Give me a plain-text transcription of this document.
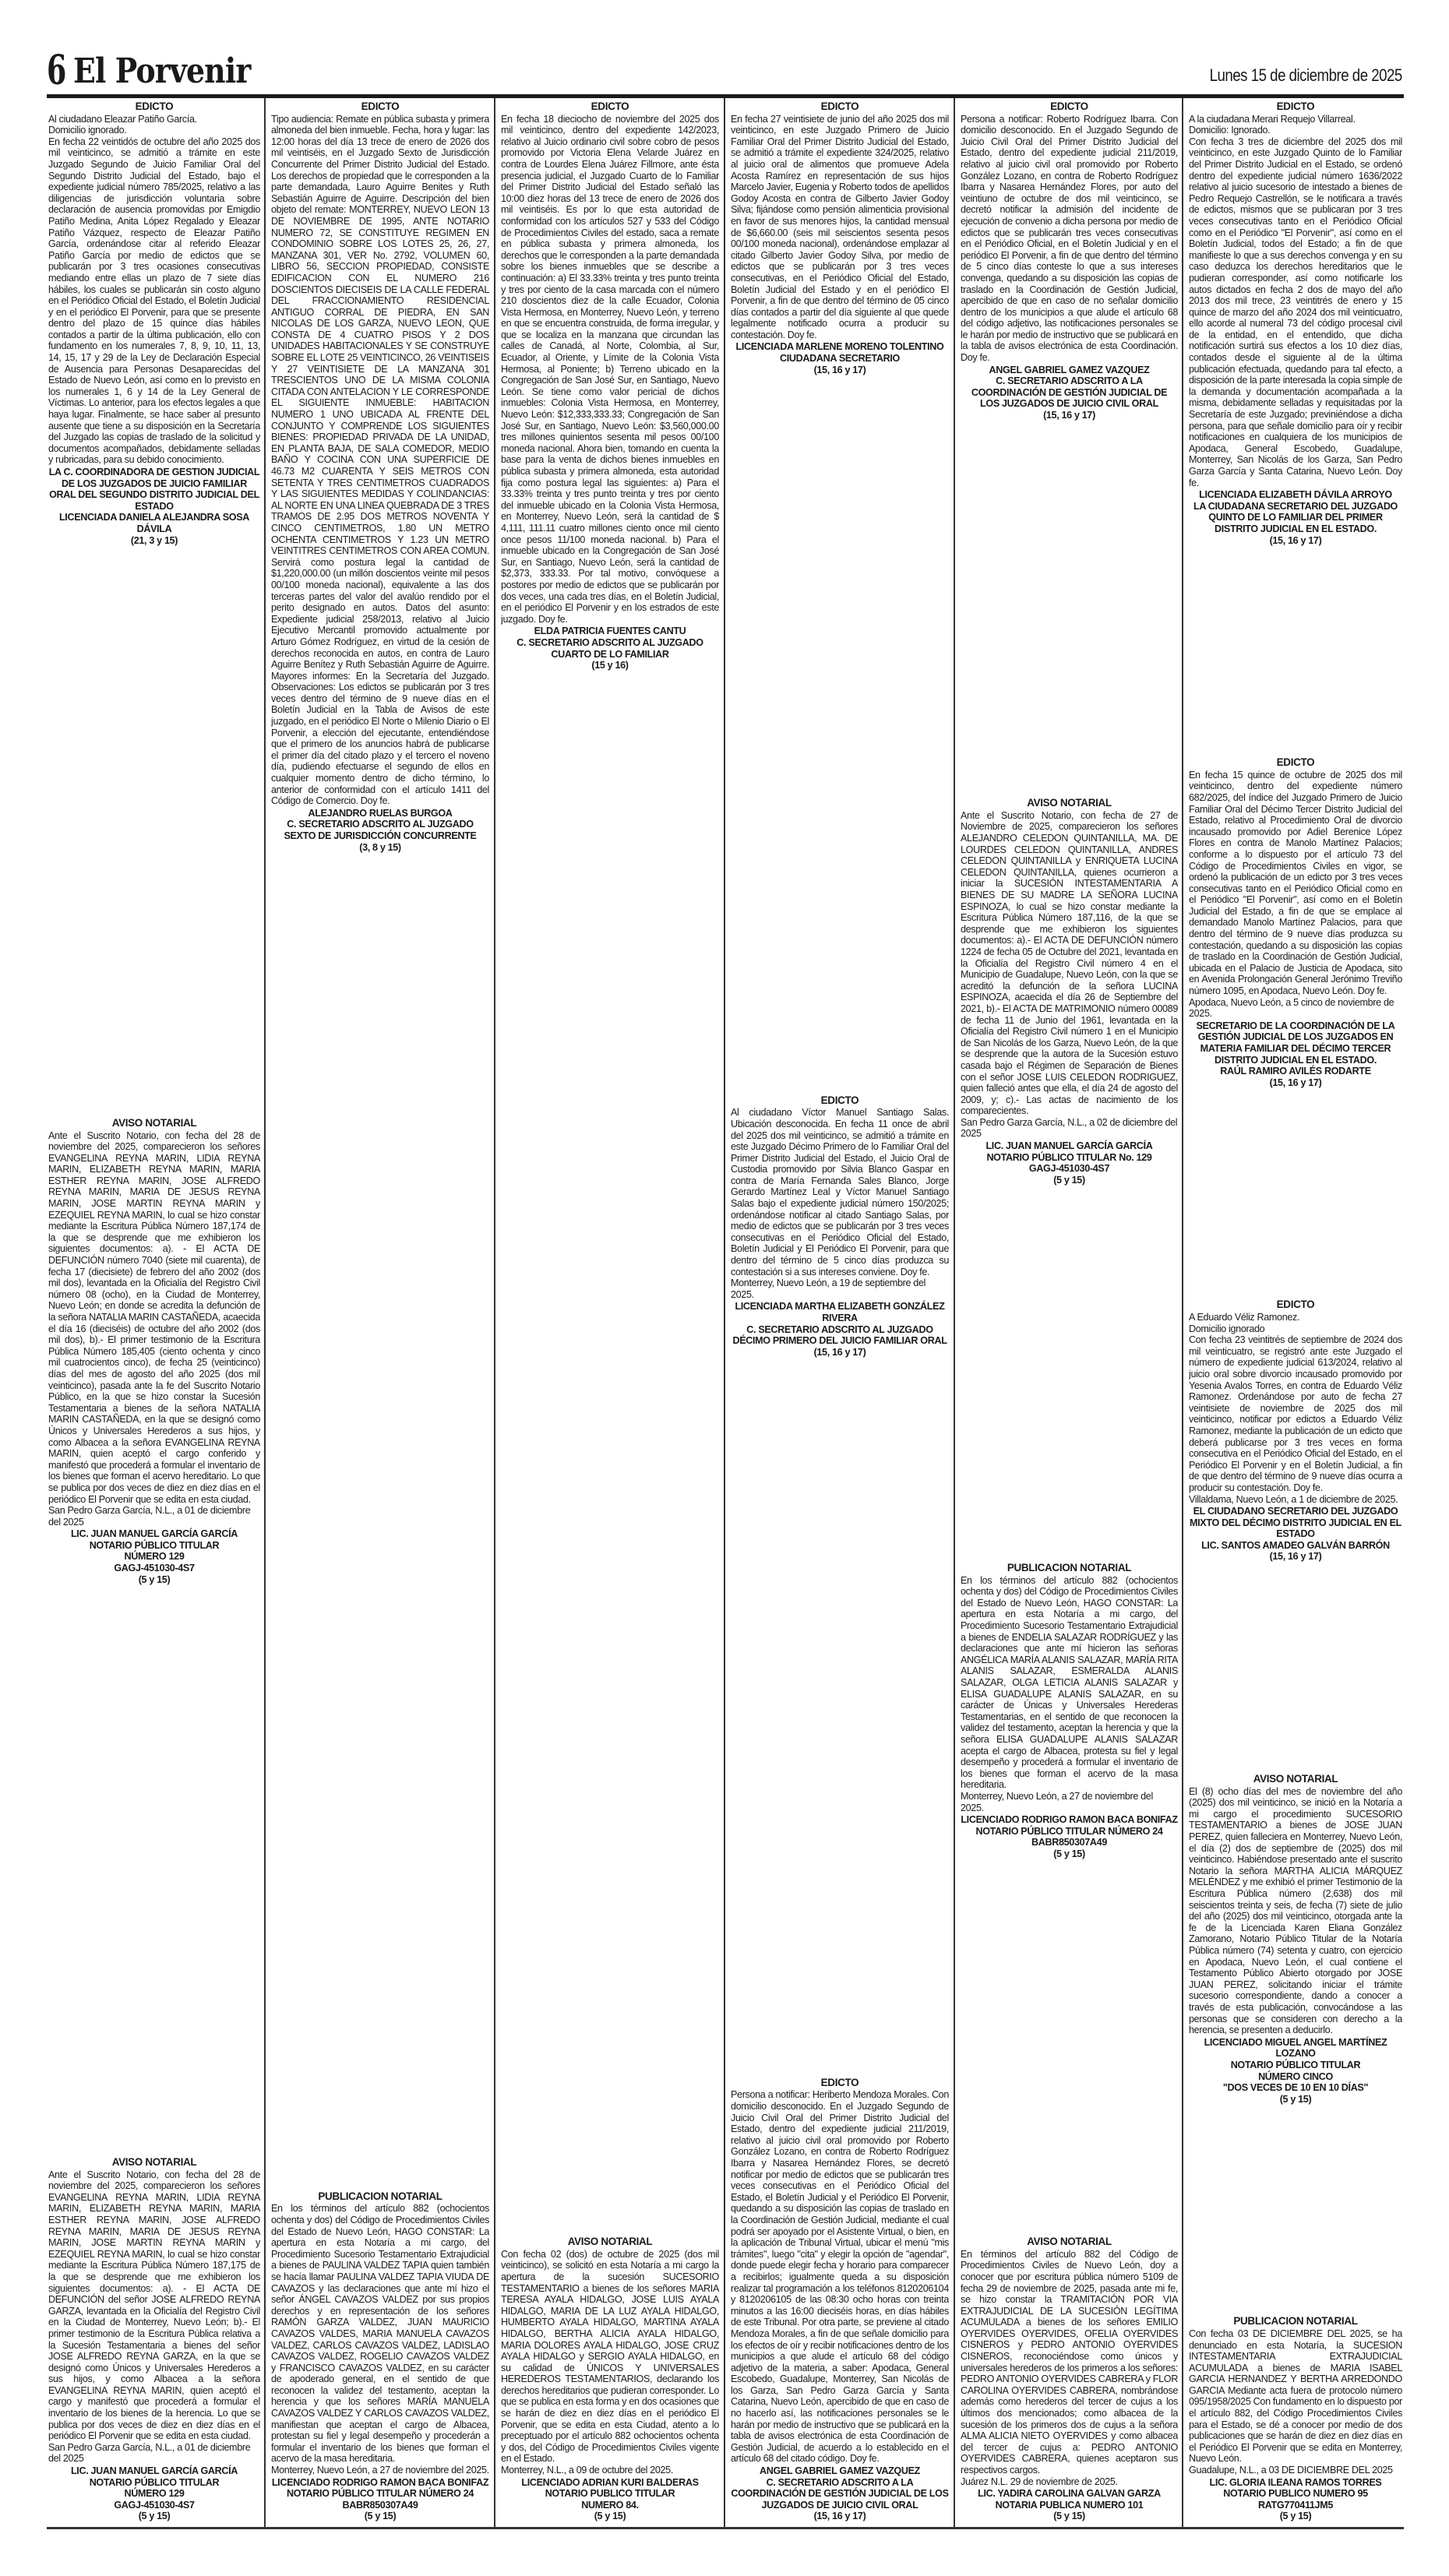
6 El Porvenir	Lunes 15 de diciembre de 2025
EDICTO

Al ciudadano Eleazar Patiño García.

Domicilio ignorado.

En fecha 22 veintidós de octubre del año 2025 dos mil veinticinco, se admitió a trámite en este Juzgado Segundo de Juicio Familiar Oral del Segundo Distrito Judicial del Estado, bajo el expediente judicial número 785/2025, relativo a las diligencias de jurisdicción voluntaria sobre declaración de ausencia promovidas por Emigdio Patiño Medina, Anita López Regalado y Eleazar Patiño Vázquez, respecto de Eleazar Patiño García, ordenándose citar al referido Eleazar Patiño García por medio de edictos que se publicarán por 3 tres ocasiones consecutivas mediando entre ellas un plazo de 7 siete días hábiles, los cuales se publicarán sin costo alguno en el Periódico Oficial del Estado, el Boletín Judicial y en el periódico El Porvenir, para que se presente dentro del plazo de 15 quince días hábiles contados a partir de la última publicación, ello con fundamento en los numerales 7, 8, 9, 10, 11, 13, 14, 15, 17 y 29 de la Ley de Declaración Especial de Ausencia para Personas Desaparecidas del Estado de Nuevo León, así como en lo previsto en los numerales 1, 6 y 14 de la Ley General de Víctimas. Lo anterior, para los efectos legales a que haya lugar. Finalmente, se hace saber al presunto ausente que tiene a su disposición en la Secretaría del Juzgado las copias de traslado de la solicitud y documentos acompañados, debidamente selladas y rubricadas, para su debido conocimiento.

LA C. COORDINADORA DE GESTION JUDICIAL DE LOS JUZGADOS DE JUICIO FAMILIAR ORAL DEL SEGUNDO DISTRITO JUDICIAL DEL ESTADO
LICENCIADA DANIELA ALEJANDRA SOSA DÁVILA
(21, 3 y 15)
AVISO NOTARIAL

Ante el Suscrito Notario, con fecha del 28 de noviembre del 2025, comparecieron los señores EVANGELINA REYNA MARIN, LIDIA REYNA MARIN, ELIZABETH REYNA MARIN, MARIA ESTHER REYNA MARIN, JOSE ALFREDO REYNA MARIN, MARIA DE JESUS REYNA MARIN, JOSE MARTIN REYNA MARIN y EZEQUIEL REYNA MARIN, lo cual se hizo constar mediante la Escritura Pública Número 187,174 de la que se desprende que me exhibieron los siguientes documentos: a). - El ACTA DE DEFUNCIÓN número 7040 (siete mil cuarenta), de fecha 17 (diecisiete) de febrero del año 2002 (dos mil dos), levantada en la Oficialía del Registro Civil número 08 (ocho), en la Ciudad de Monterrey, Nuevo León; en donde se acredita la defunción de la señora NATALIA MARIN CASTAÑEDA, acaecida el día 16 (dieciséis) de octubre del año 2002 (dos mil dos), b).- El primer testimonio de la Escritura Pública Número 185,405 (ciento ochenta y cinco mil cuatrocientos cinco), de fecha 25 (veinticinco) días del mes de agosto del año 2025 (dos mil veinticinco), pasada ante la fe del Suscrito Notario Público, en la que se hizo constar la Sucesión Testamentaria a bienes de la señora NATALIA MARIN CASTAÑEDA, en la que se designó como Únicos y Universales Herederos a sus hijos, y como Albacea a la señora EVANGELINA REYNA MARIN, quien aceptó el cargo conferido y manifestó que procederá a formular el inventario de los bienes que forman el acervo hereditario. Lo que se publica por dos veces de diez en diez días en el periódico El Porvenir que se edita en esta ciudad.

San Pedro Garza García, N.L., a 01 de diciembre del 2025

LIC. JUAN MANUEL GARCÍA GARCÍA
NOTARIO PÚBLICO TITULAR
NÚMERO 129
GAGJ-451030-4S7
(5 y 15)
AVISO NOTARIAL

Ante el Suscrito Notario, con fecha del 28 de noviembre del 2025, comparecieron los señores EVANGELINA REYNA MARIN, LIDIA REYNA MARIN, ELIZABETH REYNA MARIN, MARIA ESTHER REYNA MARIN, JOSE ALFREDO REYNA MARIN, MARIA DE JESUS REYNA MARIN, JOSE MARTIN REYNA MARIN y EZEQUIEL REYNA MARIN, lo cual se hizo constar mediante la Escritura Pública Número 187,175 de la que se desprende que me exhibieron los siguientes documentos: a). - El ACTA DE DEFUNCIÓN del señor JOSE ALFREDO REYNA GARZA, levantada en la Oficialía del Registro Civil en la Ciudad de Monterrey, Nuevo León; b).- El primer testimonio de la Escritura Pública relativa a la Sucesión Testamentaria a bienes del señor JOSE ALFREDO REYNA GARZA, en la que se designó como Únicos y Universales Herederos a sus hijos, y como Albacea a la señora EVANGELINA REYNA MARIN, quien aceptó el cargo y manifestó que procederá a formular el inventario de los bienes de la herencia. Lo que se publica por dos veces de diez en diez días en el periódico El Porvenir que se edita en esta ciudad.

San Pedro Garza García, N.L., a 01 de diciembre del 2025

LIC. JUAN MANUEL GARCÍA GARCÍA
NOTARIO PÚBLICO TITULAR
NÚMERO 129
GAGJ-451030-4S7
(5 y 15)
EDICTO

Tipo audiencia: Remate en pública subasta y primera almoneda del bien inmueble. Fecha, hora y lugar: las 12:00 horas del día 13 trece de enero de 2026 dos mil veintiséis, en el Juzgado Sexto de Jurisdicción Concurrente del Primer Distrito Judicial del Estado. Los derechos de propiedad que le corresponden a la parte demandada, Lauro Aguirre Benites y Ruth Sebastián Aguirre de Aguirre. Descripción del bien objeto del remate: MONTERREY, NUEVO LEON 13 DE NOVIEMBRE DE 1995, ANTE NOTARIO NUMERO 72, SE CONSTITUYE REGIMEN EN CONDOMINIO SOBRE LOS LOTES 25, 26, 27, MANZANA 301, VER No. 2792, VOLUMEN 60, LIBRO 56, SECCION PROPIEDAD, CONSISTE EDIFICACION CON EL NUMERO 216 DOSCIENTOS DIECISEIS DE LA CALLE FEDERAL DEL FRACCIONAMIENTO RESIDENCIAL ANTIGUO CORRAL DE PIEDRA, EN SAN NICOLAS DE LOS GARZA, NUEVO LEON, QUE CONSTA DE 4 CUATRO PISOS Y 2 DOS UNIDADES HABITACIONALES Y SE CONSTRUYE SOBRE EL LOTE 25 VEINTICINCO, 26 VEINTISEIS Y 27 VEINTISIETE DE LA MANZANA 301 TRESCIENTOS UNO DE LA MISMA COLONIA CITADA CON ANTELACION Y LE CORRESPONDE EL SIGUIENTE INMUEBLE: HABITACION NUMERO 1 UNO UBICADA AL FRENTE DEL CONJUNTO Y COMPRENDE LOS SIGUIENTES BIENES: PROPIEDAD PRIVADA DE LA UNIDAD, EN PLANTA BAJA, DE SALA COMEDOR, MEDIO BAÑO Y COCINA CON UNA SUPERFICIE DE 46.73 M2 CUARENTA Y SEIS METROS CON SETENTA Y TRES CENTIMETROS CUADRADOS Y LAS SIGUIENTES MEDIDAS Y COLINDANCIAS: AL NORTE EN UNA LINEA QUEBRADA DE 3 TRES TRAMOS DE 2.95 DOS METROS NOVENTA Y CINCO CENTIMETROS, 1.80 UN METRO OCHENTA CENTIMETROS Y 1.23 UN METRO VEINTITRES CENTIMETROS CON AREA COMUN. Servirá como postura legal la cantidad de $1,220,000.00 (un millón doscientos veinte mil pesos 00/100 moneda nacional), equivalente a las dos terceras partes del valor del avalúo rendido por el perito designado en autos. Datos del asunto: Expediente judicial 258/2013, relativo al Juicio Ejecutivo Mercantil promovido actualmente por Arturo Gómez Rodríguez, en virtud de la cesión de derechos reconocida en autos, en contra de Lauro Aguirre Benítez y Ruth Sebastián Aguirre de Aguirre. Mayores informes: En la Secretaría del Juzgado. Observaciones: Los edictos se publicarán por 3 tres veces dentro del término de 9 nueve días en el Boletín Judicial en la Tabla de Avisos de este juzgado, en el periódico El Norte o Milenio Diario o El Porvenir, a elección del ejecutante, entendiéndose que el primero de los anuncios habrá de publicarse el primer día del citado plazo y el tercero el noveno día, pudiendo efectuarse el segundo de ellos en cualquier momento dentro de dicho término, lo anterior de conformidad con el artículo 1411 del Código de Comercio. Doy fe.

ALEJANDRO RUELAS BURGOA
C. SECRETARIO ADSCRITO AL JUZGADO SEXTO DE JURISDICCIÓN CONCURRENTE
(3, 8 y 15)
PUBLICACION NOTARIAL

En los términos del artículo 882 (ochocientos ochenta y dos) del Código de Procedimientos Civiles del Estado de Nuevo León, HAGO CONSTAR: La apertura en esta Notaría a mi cargo, del Procedimiento Sucesorio Testamentario Extrajudicial a bienes de PAULINA VALDEZ TAPIA quien también se hacía llamar PAULINA VALDEZ TAPIA VIUDA DE CAVAZOS y las declaraciones que ante mí hizo el señor ÁNGEL CAVAZOS VALDEZ por sus propios derechos y en representación de los señores RAMÓN GARZA VALDEZ, JUAN MAURICIO CAVAZOS VALDES, MARIA MANUELA CAVAZOS VALDEZ, CARLOS CAVAZOS VALDEZ, LADISLAO CAVAZOS VALDEZ, ROGELIO CAVAZOS VALDEZ y FRANCISCO CAVAZOS VALDEZ, en su carácter de apoderado general, en el sentido de que reconocen la validez del testamento, aceptan la herencia y que los señores MARÍA MANUELA CAVAZOS VALDEZ Y CARLOS CAVAZOS VALDEZ, manifiestan que aceptan el cargo de Albacea, protestan su fiel y legal desempeño y procederán a formular el inventario de los bienes que forman el acervo de la masa hereditaria.

Monterrey, Nuevo León, a 27 de noviembre del 2025.

LICENCIADO RODRIGO RAMON BACA BONIFAZ
NOTARIO PÚBLICO TITULAR NÚMERO 24
BABR850307A49
(5 y 15)
EDICTO

En fecha 18 dieciocho de noviembre del 2025 dos mil veinticinco, dentro del expediente 142/2023, relativo al Juicio ordinario civil sobre cobro de pesos promovido por Victoria Elena Velarde Juárez en contra de Lourdes Elena Juárez Fillmore, ante ésta presencia judicial, el Juzgado Cuarto de lo Familiar del Primer Distrito Judicial del Estado señaló las 10:00 diez horas del 13 trece de enero de 2026 dos mil veintiséis. Es por lo que esta autoridad de conformidad con los artículos 527 y 533 del Código de Procedimientos Civiles del estado, saca a remate en pública subasta y primera almoneda, los derechos que le corresponden a la parte demandada sobre los bienes inmuebles que se describe a continuación: a) El 33.33% treinta y tres punto treinta y tres por ciento de la casa marcada con el número 210 doscientos diez de la calle Ecuador, Colonia Vista Hermosa, en Monterrey, Nuevo León, y terreno en que se encuentra construida, de forma irregular, y que se localiza en la manzana que circundan las calles de Canadá, al Norte, Colombia, al Sur, Ecuador, al Oriente, y Límite de la Colonia Vista Hermosa, al Poniente; b) Terreno ubicado en la Congregación de San José Sur, en Santiago, Nuevo León. Se tiene como valor pericial de dichos inmuebles: Colonia Vista Hermosa, en Monterrey, Nuevo León: $12,333,333.33; Congregación de San José Sur, en Santiago, Nuevo León: $3,560,000.00 tres millones quinientos sesenta mil pesos 00/100 moneda nacional. Ahora bien, tomando en cuenta la base para la venta de dichos bienes inmuebles en pública subasta y primera almoneda, esta autoridad fija como postura legal las siguientes: a) Para el 33.33% treinta y tres punto treinta y tres por ciento del inmueble ubicado en la Colonia Vista Hermosa, en Monterrey, Nuevo León, será la cantidad de $ 4,111, 111.11 cuatro millones ciento once mil ciento once pesos 11/100 moneda nacional. b) Para el inmueble ubicado en la Congregación de San José Sur, en Santiago, Nuevo León, será la cantidad de $2,373, 333.33. Por tal motivo, convóquese a postores por medio de edictos que se publicarán por dos veces, una cada tres días, en el Boletín Judicial, en el periódico El Porvenir y en los estrados de este juzgado. Doy fe.

ELDA PATRICIA FUENTES CANTU
C. SECRETARIO ADSCRITO AL JUZGADO CUARTO DE LO FAMILIAR
(15 y 16)
AVISO NOTARIAL

Con fecha 02 (dos) de octubre de 2025 (dos mil veinticinco), se solicitó en esta Notaría a mi cargo la apertura de la sucesión SUCESORIO TESTAMENTARIO a bienes de los señores MARIA TERESA AYALA HIDALGO, JOSE LUIS AYALA HIDALGO, MARIA DE LA LUZ AYALA HIDALGO, HUMBERTO AYALA HIDALGO, MARTINA AYALA HIDALGO, BERTHA ALICIA AYALA HIDALGO, MARIA DOLORES AYALA HIDALGO, JOSE CRUZ AYALA HIDALGO y SERGIO AYALA HIDALGO, en su calidad de ÚNICOS Y UNIVERSALES HEREDEROS TESTAMENTARIOS, declarando los derechos hereditarios que pudieran corresponder. Lo que se publica en esta forma y en dos ocasiones que se harán de diez en diez días en el periódico El Porvenir, que se edita en esta Ciudad, atento a lo preceptuado por el artículo 882 ochocientos ochenta y dos, del Código de Procedimientos Civiles vigente en el Estado.

Monterrey, N.L., a 09 de octubre del 2025.

LICENCIADO ADRIAN KURI BALDERAS
NOTARIO PUBLICO TITULAR
NUMERO 84.
(5 y 15)
EDICTO

En fecha 27 veintisiete de junio del año 2025 dos mil veinticinco, en este Juzgado Primero de Juicio Familiar Oral del Primer Distrito Judicial del Estado, se admitió a trámite el expediente 324/2025, relativo al juicio oral de alimentos que promueve Adela Acosta Ramírez en representación de sus hijos Marcelo Javier, Eugenia y Roberto todos de apellidos Godoy Acosta en contra de Gilberto Javier Godoy Silva; fijándose como pensión alimenticia provisional en favor de sus menores hijos, la cantidad mensual de $6,660.00 (seis mil seiscientos sesenta pesos 00/100 moneda nacional), ordenándose emplazar al citado Gilberto Javier Godoy Silva, por medio de edictos que se publicarán por 3 tres veces consecutivas, en el Periódico Oficial del Estado, Boletín Judicial del Estado y en el periódico El Porvenir, a fin de que dentro del término de 05 cinco días contados a partir del día siguiente al que quede legalmente notificado ocurra a producir su contestación. Doy fe.

LICENCIADA MARLENE MORENO TOLENTINO
CIUDADANA SECRETARIO
(15, 16 y 17)
EDICTO

Al ciudadano Víctor Manuel Santiago Salas. Ubicación desconocida. En fecha 11 once de abril del 2025 dos mil veinticinco, se admitió a trámite en este Juzgado Décimo Primero de lo Familiar Oral del Primer Distrito Judicial del Estado, el Juicio Oral de Custodia promovido por Silvia Blanco Gaspar en contra de María Fernanda Sales Blanco, Jorge Gerardo Martínez Leal y Víctor Manuel Santiago Salas bajo el expediente judicial número 150/2025; ordenándose notificar al citado Santiago Salas, por medio de edictos que se publicarán por 3 tres veces consecutivas en el Periódico Oficial del Estado, Boletín Judicial y El Periódico El Porvenir, para que dentro del término de 5 cinco días produzca su contestación si a sus intereses conviene. Doy fe.

Monterrey, Nuevo León, a 19 de septiembre del 2025.

LICENCIADA MARTHA ELIZABETH GONZÁLEZ RIVERA
C. SECRETARIO ADSCRITO AL JUZGADO DÉCIMO PRIMERO DEL JUICIO FAMILIAR ORAL
(15, 16 y 17)
EDICTO

Persona a notificar: Heriberto Mendoza Morales. Con domicilio desconocido. En el Juzgado Segundo de Juicio Civil Oral del Primer Distrito Judicial del Estado, dentro del expediente judicial 211/2019, relativo al juicio civil oral promovido por Roberto González Lozano, en contra de Roberto Rodríguez Ibarra y Nasarea Hernández Flores, se decretó notificar por medio de edictos que se publicarán tres veces consecutivas en el Periódico Oficial del Estado, el Boletín Judicial y el Periódico El Porvenir, quedando a su disposición las copias de traslado en la Coordinación de Gestión Judicial, mediante el cual podrá ser apoyado por el Asistente Virtual, o bien, en la aplicación de Tribunal Virtual, ubicar el menú "mis trámites", luego "cita" y elegir la opción de "agendar", donde puede elegir fecha y horario para comparecer a recibirlos; igualmente queda a su disposición realizar tal programación a los teléfonos 8120206104 y 8120206105 de las 08:30 ocho horas con treinta minutos a las 16:00 dieciséis horas, en días hábiles de este Tribunal. Por otra parte, se previene al citado Mendoza Morales, a fin de que señale domicilio para los efectos de oír y recibir notificaciones dentro de los municipios a que alude el artículo 68 del código adjetivo de la materia, a saber: Apodaca, General Escobedo, Guadalupe, Monterrey, San Nicolás de los Garza, San Pedro Garza García y Santa Catarina, Nuevo León, apercibido de que en caso de no hacerlo así, las notificaciones personales se le harán por medio de instructivo que se publicará en la tabla de avisos electrónica de esta Coordinación de Gestión Judicial, de acuerdo a lo establecido en el artículo 68 del citado código. Doy fe.

ANGEL GABRIEL GAMEZ VAZQUEZ
C. SECRETARIO ADSCRITO A LA COORDINACIÓN DE GESTIÓN JUDICIAL DE LOS JUZGADOS DE JUICIO CIVIL ORAL
(15, 16 y 17)
EDICTO

Persona a notificar: Roberto Rodríguez Ibarra. Con domicilio desconocido. En el Juzgado Segundo de Juicio Civil Oral del Primer Distrito Judicial del Estado, dentro del expediente judicial 211/2019, relativo al juicio civil oral promovido por Roberto González Lozano, en contra de Roberto Rodríguez Ibarra y Nasarea Hernández Flores, por auto del veintiuno de octubre de dos mil veinticinco, se decretó notificar la admisión del incidente de ejecución de convenio a dicha persona por medio de edictos que se publicarán tres veces consecutivas en el Periódico Oficial, en el Boletín Judicial y en el periódico El Porvenir, a fin de que dentro del término de 5 cinco días conteste lo que a sus intereses convenga, quedando a su disposición las copias de traslado en la Coordinación de Gestión Judicial, apercibido de que en caso de no señalar domicilio dentro de los municipios a que alude el artículo 68 del código adjetivo, las notificaciones personales se le harán por medio de instructivo que se publicará en la tabla de avisos electrónica de esta Coordinación. Doy fe.

ANGEL GABRIEL GAMEZ VAZQUEZ
C. SECRETARIO ADSCRITO A LA COORDINACIÓN DE GESTIÓN JUDICIAL DE LOS JUZGADOS DE JUICIO CIVIL ORAL
(15, 16 y 17)
AVISO NOTARIAL

Ante el Suscrito Notario, con fecha de 27 de Noviembre de 2025, comparecieron los señores ALEJANDRO CELEDON QUINTANILLA, MA. DE LOURDES CELEDON QUINTANILLA, ANDRES CELEDON QUINTANILLA y ENRIQUETA LUCINA CELEDON QUINTANILLA, quienes ocurrieron a iniciar la SUCESIÓN INTESTAMENTARIA A BIENES DE SU MADRE LA SEÑORA LUCINA ESPINOZA, lo cual se hizo constar mediante la Escritura Pública Número 187,116, de la que se desprende que me exhibieron los siguientes documentos: a).- El ACTA DE DEFUNCIÓN número 1224 de fecha 05 de Octubre del 2021, levantada en la Oficialía del Registro Civil número 4 en el Municipio de Guadalupe, Nuevo León, con la que se acreditó la defunción de la señora LUCINA ESPINOZA, acaecida el día 26 de Septiembre del 2021, b).- El ACTA DE MATRIMONIO número 00089 de fecha 11 de Junio del 1961, levantada en la Oficialía del Registro Civil número 1 en el Municipio de San Nicolás de los Garza, Nuevo León, de la que se desprende que la autora de la Sucesión estuvo casada bajo el Régimen de Separación de Bienes con el señor JOSE LUIS CELEDON RODRIGUEZ, quien falleció antes que ella, el día 24 de agosto del 2009, y; c).- Las actas de nacimiento de los comparecientes.

San Pedro Garza García, N.L., a 02 de diciembre del 2025

LIC. JUAN MANUEL GARCÍA GARCÍA
NOTARIO PÚBLICO TITULAR No. 129
GAGJ-451030-4S7
(5 y 15)
PUBLICACION NOTARIAL

En los términos del artículo 882 (ochocientos ochenta y dos) del Código de Procedimientos Civiles del Estado de Nuevo León, HAGO CONSTAR: La apertura en esta Notaría a mi cargo, del Procedimiento Sucesorio Testamentario Extrajudicial a bienes de ENDELIA SALAZAR RODRÍGUEZ y las declaraciones que ante mí hicieron las señoras ANGÉLICA MARÍA ALANIS SALAZAR, MARÍA RITA ALANIS SALAZAR, ESMERALDA ALANIS SALAZAR, OLGA LETICIA ALANIS SALAZAR y ELISA GUADALUPE ALANIS SALAZAR, en su carácter de Únicas y Universales Herederas Testamentarias, en el sentido de que reconocen la validez del testamento, aceptan la herencia y que la señora ELISA GUADALUPE ALANIS SALAZAR acepta el cargo de Albacea, protesta su fiel y legal desempeño y procederá a formular el inventario de los bienes que forman el acervo de la masa hereditaria.

Monterrey, Nuevo León, a 27 de noviembre del 2025.

LICENCIADO RODRIGO RAMON BACA BONIFAZ
NOTARIO PÚBLICO TITULAR NÚMERO 24
BABR850307A49
(5 y 15)
AVISO NOTARIAL

En términos del artículo 882 del Código de Procedimientos Civiles de Nuevo León, doy a conocer que por escritura pública número 5109 de fecha 29 de noviembre de 2025, pasada ante mi fe, se hizo constar la TRAMITACIÓN POR VIA EXTRAJUDICIAL DE LA SUCESIÓN LEGÍTIMA ACUMULADA a bienes de los señores EMILIO OYERVIDES OYERVIDES, OFELIA OYERVIDES CISNEROS y PEDRO ANTONIO OYERVIDES CISNEROS, reconociéndose como únicos y universales herederos de los primeros a los señores: PEDRO ANTONIO OYERVIDES CABRERA y FLOR CAROLINA OYERVIDES CABRERA, nombrándose además como herederos del tercer de cujus a los últimos dos mencionados; como albacea de la sucesión de los primeros dos de cujus a la señora ALMA ALICIA NIETO OYERVIDES y como albacea del tercer de cujus a: PEDRO ANTONIO OYERVIDES CABRERA, quienes aceptaron sus respectivos cargos.

Juárez N.L. 29 de noviembre de 2025.

LIC. YADIRA CAROLINA GALVAN GARZA
NOTARIA PUBLICA NUMERO 101
(5 y 15)
EDICTO

A la ciudadana Merari Requejo Villarreal.

Domicilio: Ignorado.

Con fecha 3 tres de diciembre del 2025 dos mil veinticinco, en este Juzgado Quinto de lo Familiar del Primer Distrito Judicial en el Estado, se ordenó dentro del expediente judicial número 1636/2022 relativo al juicio sucesorio de intestado a bienes de Pedro Requejo Castrellón, se le notificara a través de edictos, mismos que se publicaran por 3 tres veces consecutivas tanto en el Periódico Oficial como en el Periódico "El Porvenir", así como en el Boletín Judicial, todos del Estado; a fin de que manifieste lo que a sus derechos convenga y en su caso deduzca los derechos hereditarios que le pudieran corresponder, así como notificarle los autos dictados en fecha 2 dos de mayo del año 2013 dos mil trece, 23 veintitrés de enero y 15 quince de marzo del año 2024 dos mil veinticuatro, ello acorde al numeral 73 del código procesal civil de la entidad, en el entendido, que dicha notificación surtirá sus efectos a los 10 diez días, contados desde el siguiente al de la última publicación efectuada, quedando para tal efecto, a disposición de la parte interesada la copia simple de la demanda y documentación acompañada a la misma, debidamente selladas y requisitadas por la Secretaría de este Juzgado; previniéndose a dicha persona, para que señale domicilio para oír y recibir notificaciones en cualquiera de los municipios de Apodaca, General Escobedo, Guadalupe, Monterrey, San Nicolás de los Garza, San Pedro Garza García y Santa Catarina, Nuevo León. Doy fe.

LICENCIADA ELIZABETH DÁVILA ARROYO
LA CIUDADANA SECRETARIO DEL JUZGADO QUINTO DE LO FAMILIAR DEL PRIMER DISTRITO JUDICIAL EN EL ESTADO.
(15, 16 y 17)
EDICTO

En fecha 15 quince de octubre de 2025 dos mil veinticinco, dentro del expediente número 682/2025, del índice del Juzgado Primero de Juicio Familiar Oral del Décimo Tercer Distrito Judicial del Estado, relativo al Procedimiento Oral de divorcio incausado promovido por Adiel Berenice López Flores en contra de Manolo Martínez Palacios; conforme a lo dispuesto por el artículo 73 del Código de Procedimientos Civiles en vigor, se ordenó la publicación de un edicto por 3 tres veces consecutivas tanto en el Periódico Oficial como en el Periódico "El Porvenir", así como en el Boletín Judicial del Estado, a fin de que se emplace al demandado Manolo Martínez Palacios, para que dentro del término de 9 nueve días produzca su contestación, quedando a su disposición las copias de traslado en la Coordinación de Gestión Judicial, ubicada en el Palacio de Justicia de Apodaca, sito en Avenida Prolongación General Jerónimo Treviño número 1095, en Apodaca, Nuevo León. Doy fe.

Apodaca, Nuevo León, a 5 cinco de noviembre de 2025.

SECRETARIO DE LA COORDINACIÓN DE LA GESTIÓN JUDICIAL DE LOS JUZGADOS EN MATERIA FAMILIAR DEL DÉCIMO TERCER DISTRITO JUDICIAL EN EL ESTADO.
RAÚL RAMIRO AVILÉS RODARTE
(15, 16 y 17)
EDICTO

A Eduardo Véliz Ramonez.

Domicilio ignorado

Con fecha 23 veintitrés de septiembre de 2024 dos mil veinticuatro, se registró ante este Juzgado el número de expediente judicial 613/2024, relativo al juicio oral sobre divorcio incausado promovido por Yesenia Avalos Torres, en contra de Eduardo Véliz Ramonez. Ordenándose por auto de fecha 27 veintisiete de noviembre de 2025 dos mil veinticinco, notificar por edictos a Eduardo Véliz Ramonez, mediante la publicación de un edicto que deberá publicarse por 3 tres veces en forma consecutiva en el Periódico Oficial del Estado, en el Periódico El Porvenir y en el Boletín Judicial, a fin de que dentro del término de 9 nueve días ocurra a producir su contestación. Doy fe.

Villaldama, Nuevo León, a 1 de diciembre de 2025.

EL CIUDADANO SECRETARIO DEL JUZGADO MIXTO DEL DÉCIMO DISTRITO JUDICIAL EN EL ESTADO
LIC. SANTOS AMADEO GALVÁN BARRÓN
(15, 16 y 17)
AVISO NOTARIAL

El (8) ocho días del mes de noviembre del año (2025) dos mil veinticinco, se inició en la Notaría a mi cargo el procedimiento SUCESORIO TESTAMENTARIO a bienes de JOSE JUAN PEREZ, quien falleciera en Monterrey, Nuevo León, el día (2) dos de septiembre de (2025) dos mil veinticinco. Habiéndose presentado ante el suscrito Notario la señora MARTHA ALICIA MÁRQUEZ MELÉNDEZ y me exhibió el primer Testimonio de la Escritura Pública número (2,638) dos mil seiscientos treinta y seis, de fecha (7) siete de julio del año (2025) dos mil veinticinco, otorgada ante la fe de la Licenciada Karen Eliana González Zamorano, Notario Público Titular de la Notaría Pública número (74) setenta y cuatro, con ejercicio en Apodaca, Nuevo León, el cual contiene el Testamento Público Abierto otorgado por JOSE JUAN PEREZ, solicitando iniciar el trámite sucesorio correspondiente, dando a conocer a través de esta publicación, convocándose a las personas que se consideren con derecho a la herencia, se presenten a deducirlo.

LICENCIADO MIGUEL ANGEL MARTÍNEZ LOZANO
NOTARIO PÚBLICO TITULAR
NÚMERO CINCO
"DOS VECES DE 10 EN 10 DÍAS"
(5 y 15)
PUBLICACION NOTARIAL

Con fecha 03 DE DICIEMBRE DEL 2025, se ha denunciado en esta Notaría, la SUCESION INTESTAMENTARIA EXTRAJUDICIAL ACUMULADA a bienes de MARIA ISABEL GARCIA HERNANDEZ Y BERTHA ARREDONDO GARCIA Mediante acta fuera de protocolo número 095/1958/2025 Con fundamento en lo dispuesto por el artículo 882, del Código Procedimientos Civiles para el Estado, se dé a conocer por medio de dos publicaciones que se harán de diez en diez días en el Periódico El Porvenir que se edita en Monterrey, Nuevo León.

Guadalupe, N.L., a 03 DE DICIEMBRE DEL 2025

LIC. GLORIA ILEANA RAMOS TORRES
NOTARIO PUBLICO NUMERO 95
RATG770411JM5
(5 y 15)
